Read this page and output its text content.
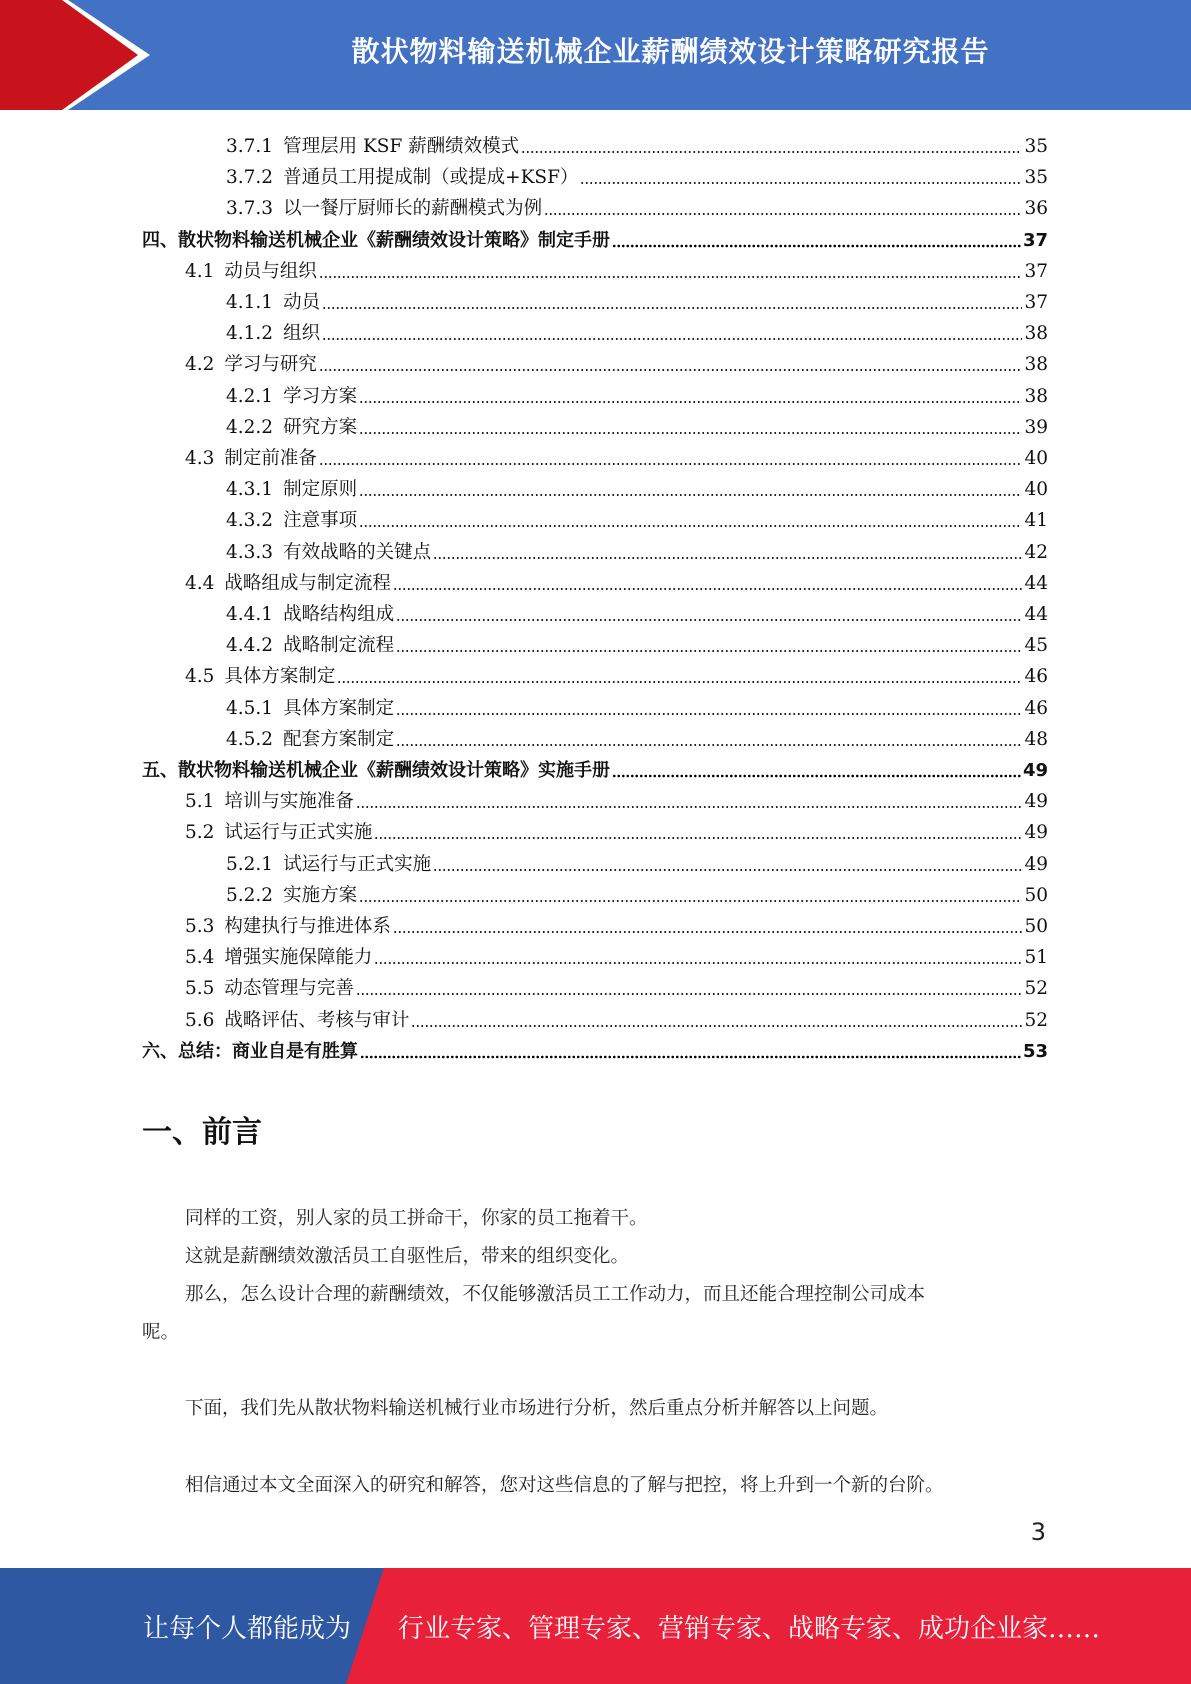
散状物料输送机械企业薪酬绩效设计策略研究报告
3.7.1 管理层用 KSF 薪酬绩效模式	35
3.7.2 普通员工用提成制（或提成+KSF）	35
3.7.3 以一餐厅厨师长的薪酬模式为例	36
四、 散状物料输送机械企业《薪酬绩效设计策略》制定手册	37
4.1 动员与组织	37
4.1.1 动员	37
4.1.2 组织	38
4.2 学习与研究	38
4.2.1 学习方案	38
4.2.2 研究方案	39
4.3 制定前准备	40
4.3.1 制定原则	40
4.3.2 注意事项	41
4.3.3 有效战略的关键点	42
4.4 战略组成与制定流程	44
4.4.1 战略结构组成	44
4.4.2 战略制定流程	45
4.5 具体方案制定	46
4.5.1 具体方案制定	46
4.5.2 配套方案制定	48
五、 散状物料输送机械企业《薪酬绩效设计策略》实施手册	49
5.1 培训与实施准备	49
5.2 试运行与正式实施	49
5.2.1 试运行与正式实施	49
5.2.2 实施方案	50
5.3 构建执行与推进体系	50
5.4 增强实施保障能力	51
5.5 动态管理与完善	52
5.6 战略评估、考核与审计	52
六、 总结：商业自是有胜算	53
一、前言
同样的工资，别人家的员工拼命干，你家的员工拖着干。
这就是薪酬绩效激活员工自驱性后，带来的组织变化。
那么，怎么设计合理的薪酬绩效，不仅能够激活员工工作动力，而且还能合理控制公司成本
呢。
下面，我们先从散状物料输送机械行业市场进行分析，然后重点分析并解答以上问题。
相信通过本文全面深入的研究和解答，您对这些信息的了解与把控，将上升到一个新的台阶。
3
让每个人都能成为 行业专家、管理专家、营销专家、战略专家、成功企业家……
